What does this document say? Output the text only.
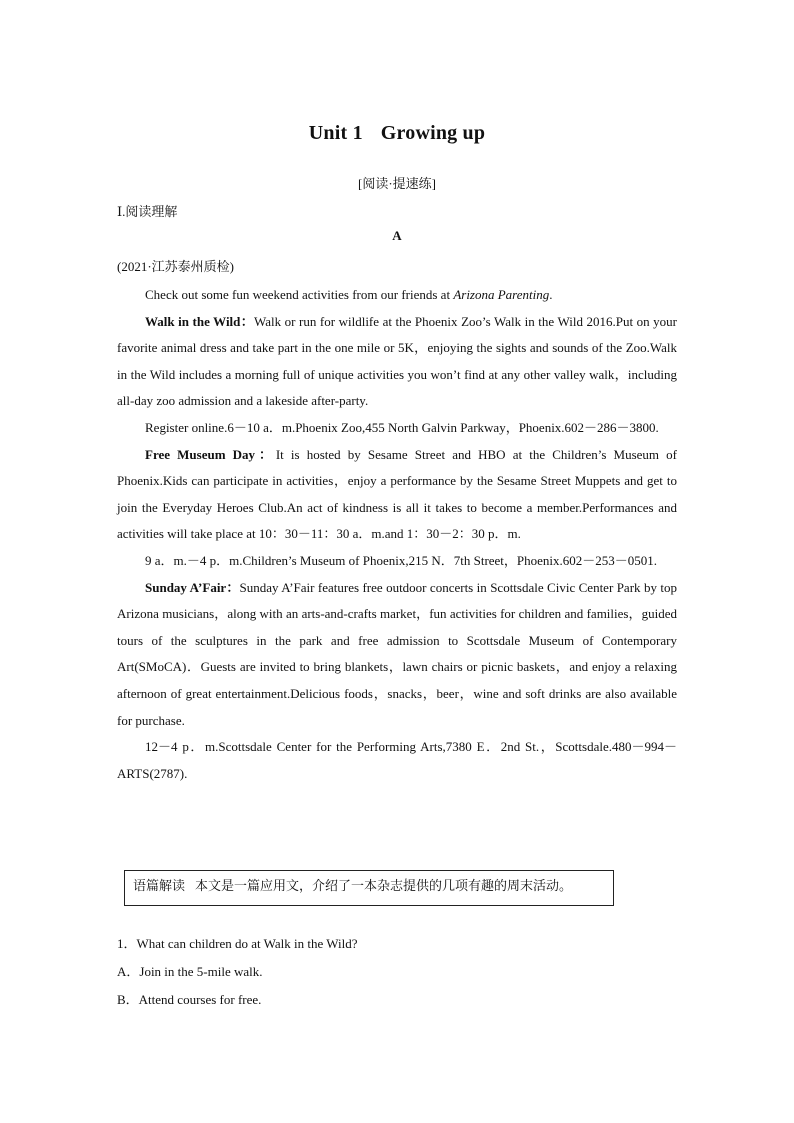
Unit 1 Growing up
[阅读·提速练]
Ⅰ.阅读理解
A
(2021·江苏泰州质检)

Check out some fun weekend activities from our friends at Arizona Parenting.

Walk in the Wild：Walk or run for wildlife at the Phoenix Zoo’s Walk in the Wild 2016.Put on your favorite animal dress and take part in the one mile or 5K，enjoying the sights and sounds of the Zoo.Walk in the Wild includes a morning full of unique activities you won’t find at any other valley walk，including all-day zoo admission and a lakeside after-party.

Register online.6－10 a．m.Phoenix Zoo,455 North Galvin Parkway，Phoenix.602－286－3800.

Free Museum Day：It is hosted by Sesame Street and HBO at the Children’s Museum of Phoenix.Kids can participate in activities，enjoy a performance by the Sesame Street Muppets and get to join the Everyday Heroes Club.An act of kindness is all it takes to become a member.Performances and activities will take place at 10：30－11：30 a．m.and 1：30－2：30 p．m.

9 a．m.－4 p．m.Children’s Museum of Phoenix,215 N．7th Street，Phoenix.602－253－0501.

Sunday A’Fair：Sunday A’Fair features free outdoor concerts in Scottsdale Civic Center Park by top Arizona musicians，along with an arts-and-crafts market，fun activities for children and families，guided tours of the sculptures in the park and free admission to Scottsdale Museum of Contemporary Art(SMoCA)．Guests are invited to bring blankets，lawn chairs or picnic baskets，and enjoy a relaxing afternoon of great entertainment.Delicious foods，snacks，beer，wine and soft drinks are also available for purchase.

12－4 p．m.Scottsdale Center for the Performing Arts,7380 E．2nd St.，Scottsdale.480－994－ARTS(2787).

语篇解读 本文是一篇应用文，介绍了一本杂志提供的几项有趣的周末活动。
1．What can children do at Walk in the Wild?
A．Join in the 5-mile walk.
B．Attend courses for free.
